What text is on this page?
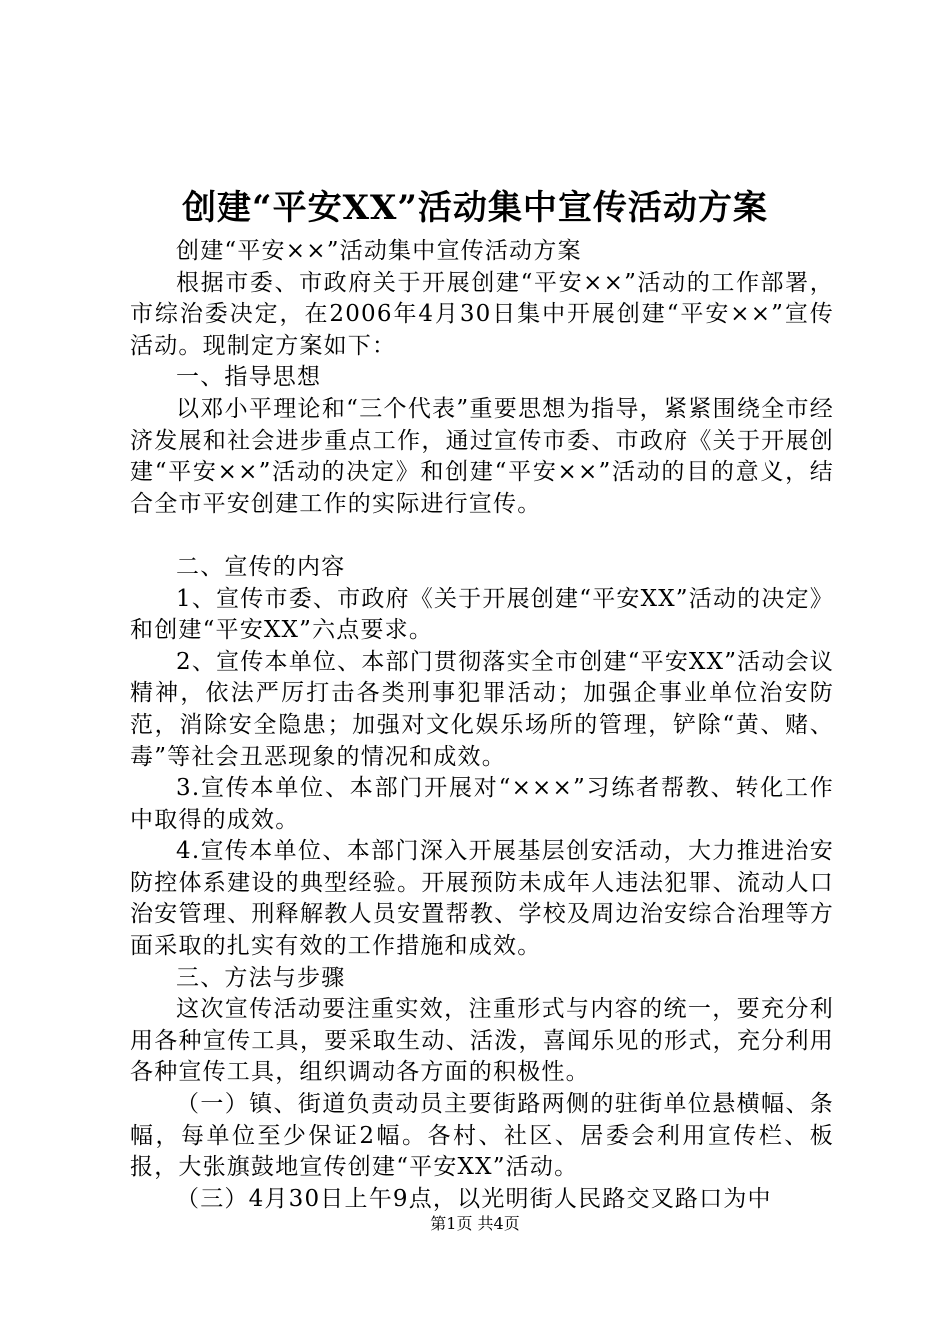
创建“平安XX”活动集中宣传活动方案

创建“平安××”活动集中宣传活动方案

根据市委、市政府关于开展创建“平安××”活动的工作部署，市综治委决定，在2006年4月30日集中开展创建“平安××”宣传活动。现制定方案如下：

一、指导思想

以邓小平理论和“三个代表”重要思想为指导，紧紧围绕全市经济发展和社会进步重点工作，通过宣传市委、市政府《关于开展创建“平安××”活动的决定》和创建“平安××”活动的目的意义，结合全市平安创建工作的实际进行宣传。

二、宣传的内容

1、宣传市委、市政府《关于开展创建“平安XX”活动的决定》和创建“平安XX”六点要求。

2、宣传本单位、本部门贯彻落实全市创建“平安XX”活动会议精神，依法严厉打击各类刑事犯罪活动；加强企事业单位治安防范，消除安全隐患；加强对文化娱乐场所的管理，铲除“黄、赌、毒”等社会丑恶现象的情况和成效。

3.宣传本单位、本部门开展对“×××”习练者帮教、转化工作中取得的成效。

4.宣传本单位、本部门深入开展基层创安活动，大力推进治安防控体系建设的典型经验。开展预防未成年人违法犯罪、流动人口治安管理、刑释解教人员安置帮教、学校及周边治安综合治理等方面采取的扎实有效的工作措施和成效。

三、方法与步骤

这次宣传活动要注重实效，注重形式与内容的统一，要充分利用各种宣传工具，要采取生动、活泼，喜闻乐见的形式，充分利用各种宣传工具，组织调动各方面的积极性。

（一）镇、街道负责动员主要街路两侧的驻街单位悬横幅、条幅，每单位至少保证2幅。各村、社区、居委会利用宣传栏、板报，大张旗鼓地宣传创建“平安XX”活动。

（三）4月30日上午9点，以光明街人民路交叉路口为中

第1页 共4页
